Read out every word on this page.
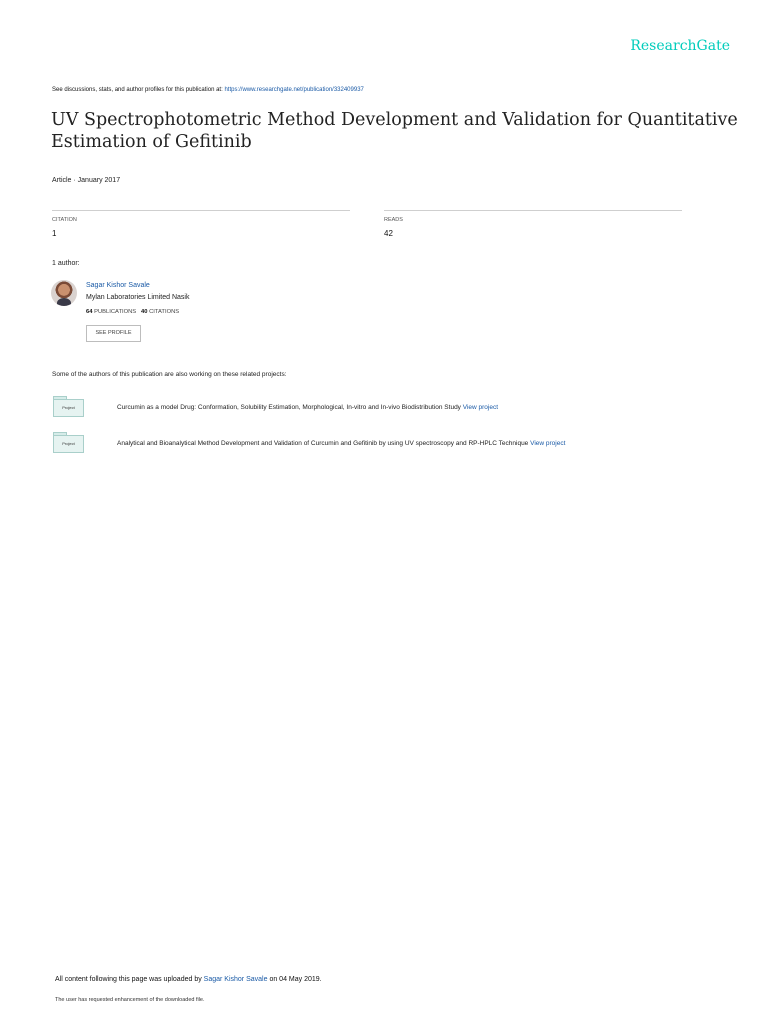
ResearchGate
See discussions, stats, and author profiles for this publication at: https://www.researchgate.net/publication/332409937
UV Spectrophotometric Method Development and Validation for Quantitative Estimation of Gefitinib
Article · January 2017
CITATION
1
READS
42
1 author:
Sagar Kishor Savale
Mylan Laboratories Limited Nasik
64 PUBLICATIONS 40 CITATIONS
SEE PROFILE
Some of the authors of this publication are also working on these related projects:
Project	Curcumin as a model Drug: Conformation, Solubility Estimation, Morphological, In-vitro and In-vivo Biodistribution Study View project
Project	Analytical and Bioanalytical Method Development and Validation of Curcumin and Gefitinib by using UV spectroscopy and RP-HPLC Technique View project
All content following this page was uploaded by Sagar Kishor Savale on 04 May 2019.
The user has requested enhancement of the downloaded file.
